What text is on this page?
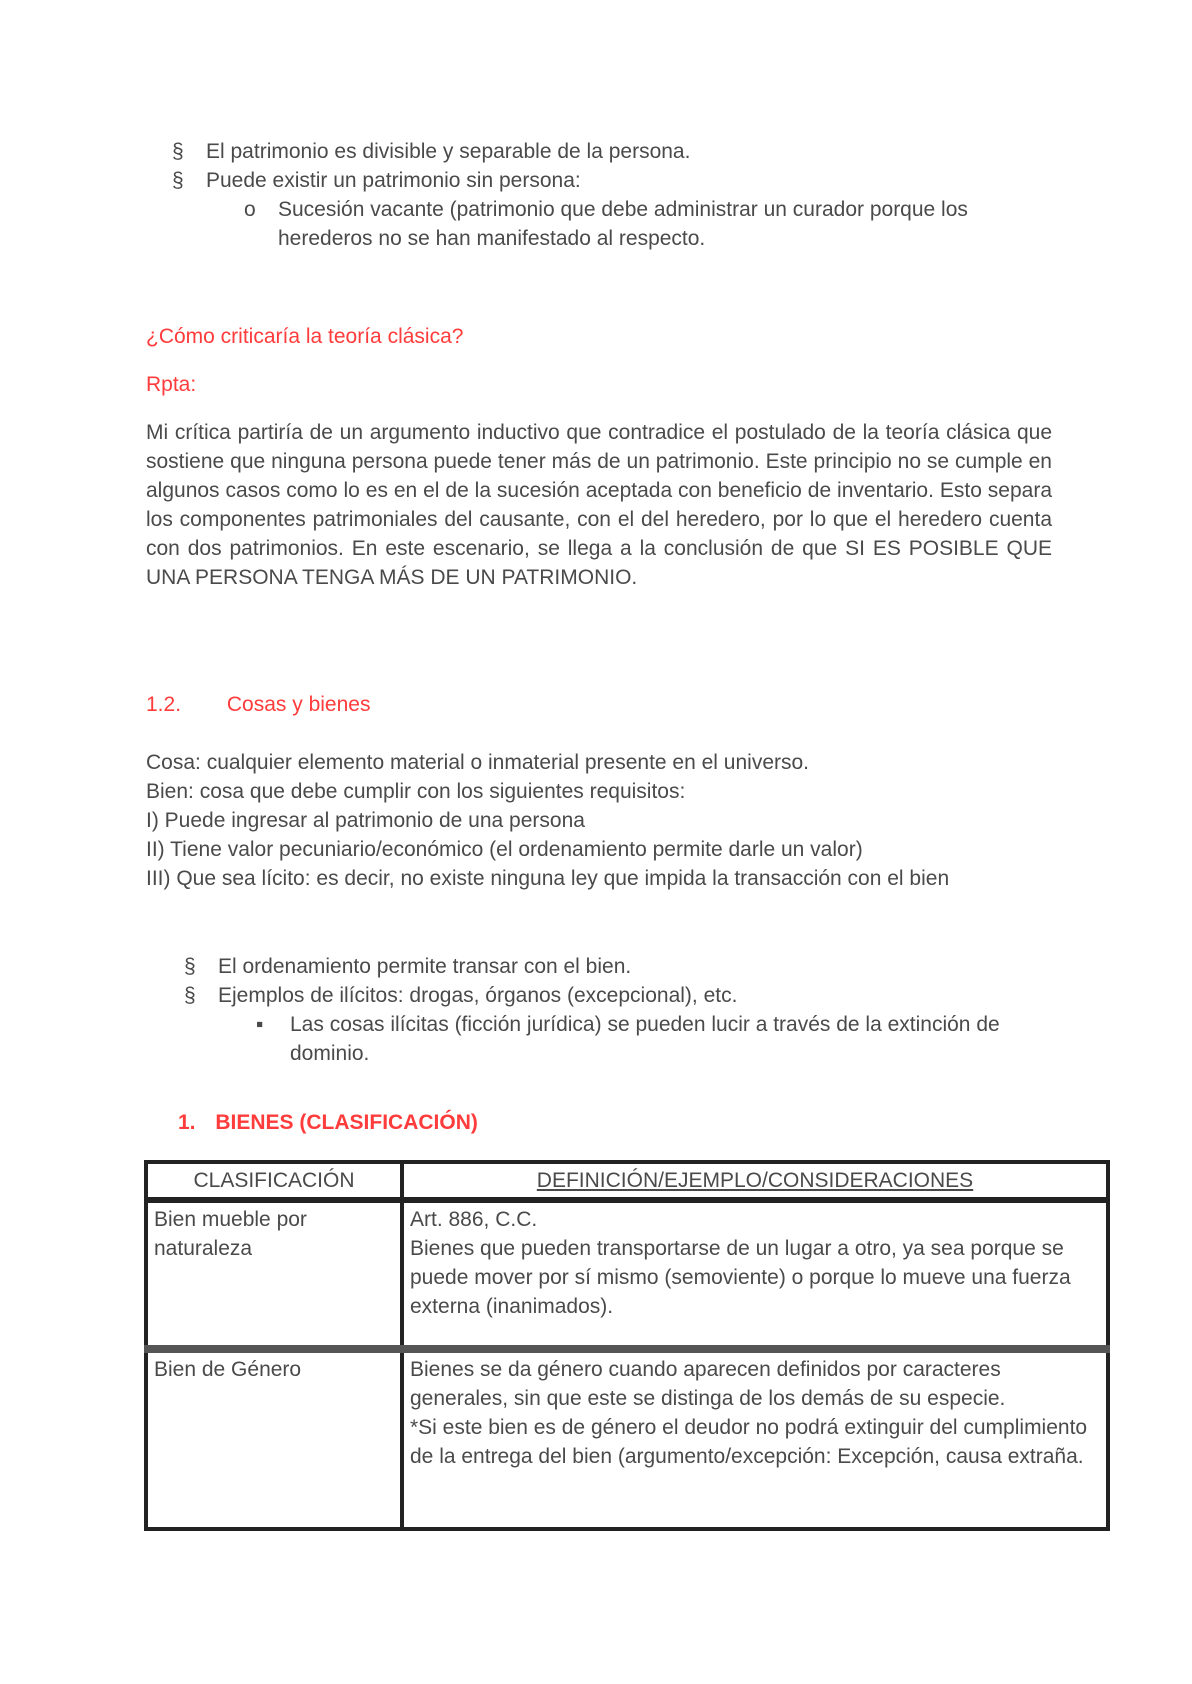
§ El patrimonio es divisible y separable de la persona.
§ Puede existir un patrimonio sin persona:
o Sucesión vacante (patrimonio que debe administrar un curador porque los herederos no se han manifestado al respecto.
¿Cómo criticaría la teoría clásica?
Rpta:
Mi crítica partiría de un argumento inductivo que contradice el postulado de la teoría clásica que sostiene que ninguna persona puede tener más de un patrimonio. Este principio no se cumple en algunos casos como lo es en el de la sucesión aceptada con beneficio de inventario. Esto separa los componentes patrimoniales del causante, con el del heredero, por lo que el heredero cuenta con dos patrimonios. En este escenario, se llega a la conclusión de que SI ES POSIBLE QUE UNA PERSONA TENGA MÁS DE UN PATRIMONIO.
1.2. Cosas y bienes
Cosa: cualquier elemento material o inmaterial presente en el universo.
Bien: cosa que debe cumplir con los siguientes requisitos:
I) Puede ingresar al patrimonio de una persona
II) Tiene valor pecuniario/económico (el ordenamiento permite darle un valor)
III) Que sea lícito: es decir, no existe ninguna ley que impida la transacción con el bien
§ El ordenamiento permite transar con el bien.
§ Ejemplos de ilícitos: drogas, órganos (excepcional), etc.
▪ Las cosas ilícitas (ficción jurídica) se pueden lucir a través de la extinción de dominio.
1. BIENES (CLASIFICACIÓN)
CLASIFICACIÓN	DEFINICIÓN/EJEMPLO/CONSIDERACIONES
Bien mueble por naturaleza	Art. 886, C.C.
Bienes que pueden transportarse de un lugar a otro, ya sea porque se puede mover por sí mismo (semoviente) o porque lo mueve una fuerza externa (inanimados).

Bien de Género	Bienes se da género cuando aparecen definidos por caracteres generales, sin que este se distinga de los demás de su especie.
*Si este bien es de género el deudor no podrá extinguir del cumplimiento de la entrega del bien (argumento/excepción: Excepción, causa extraña.
